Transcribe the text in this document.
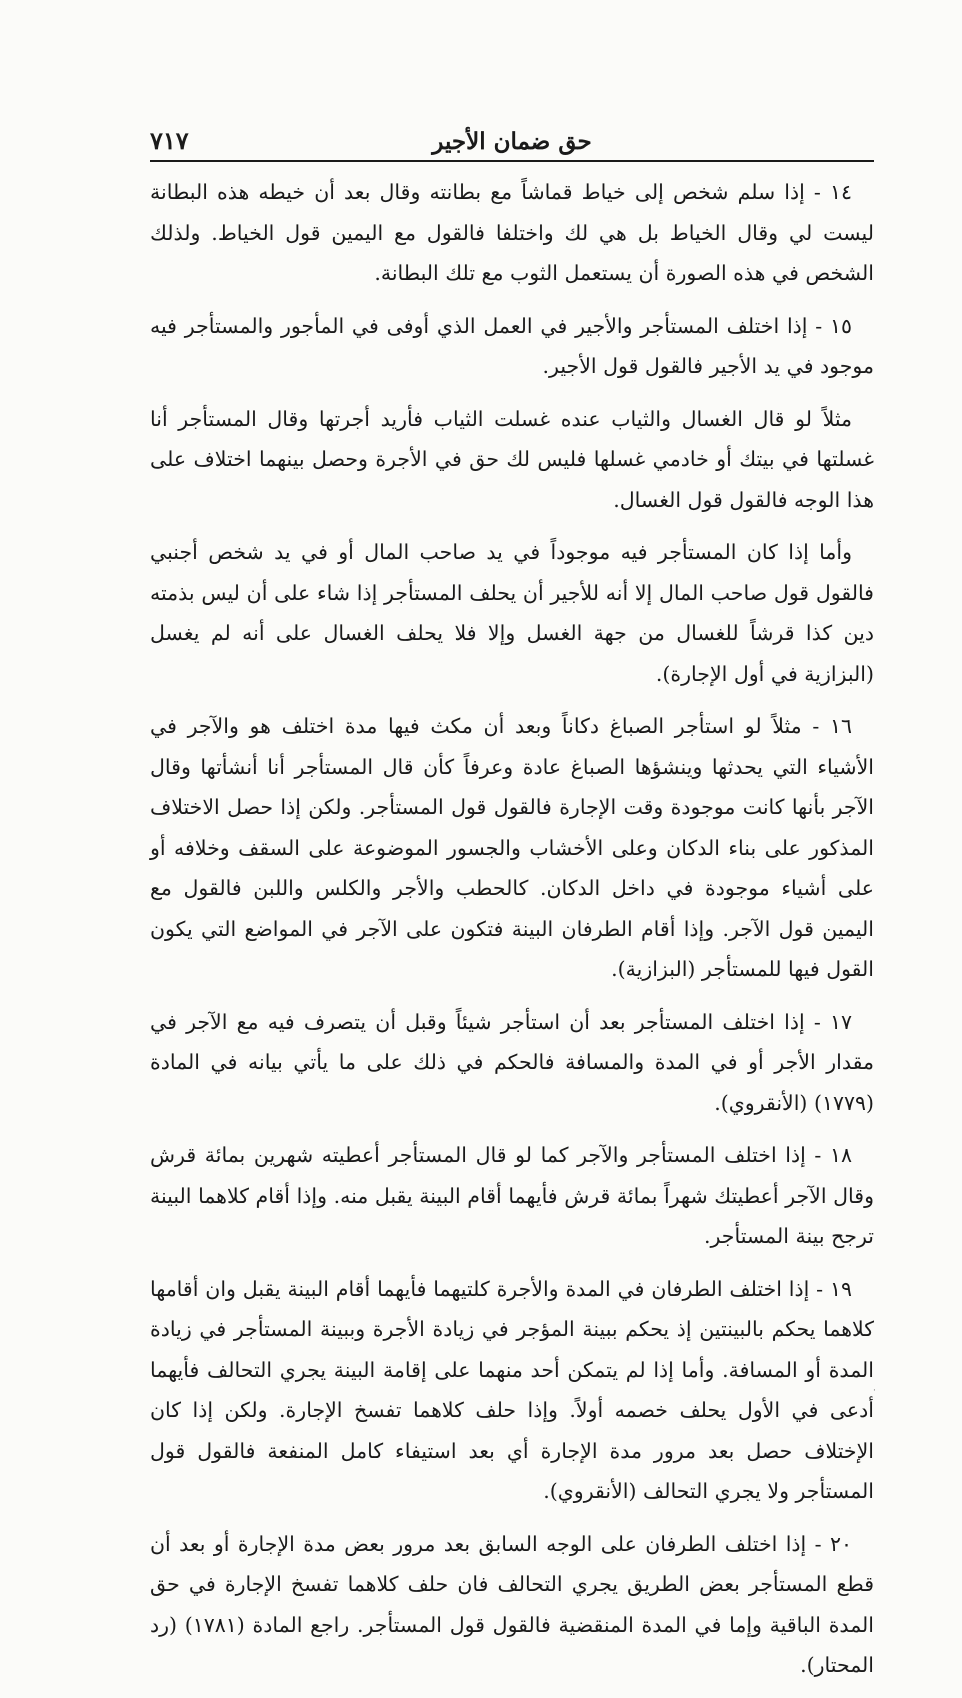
حق ضمان الأجير
٧١٧

١٤ - إذا سلم شخص إلى خياط قماشاً مع بطانته وقال بعد أن خيطه هذه البطانة ليست لي وقال الخياط بل هي لك واختلفا فالقول مع اليمين قول الخياط. ولذلك الشخص في هذه الصورة أن يستعمل الثوب مع تلك البطانة.

١٥ - إذا اختلف المستأجر والأجير في العمل الذي أوفى في المأجور والمستأجر فيه موجود في يد الأجير فالقول قول الأجير.

مثلاً لو قال الغسال والثياب عنده غسلت الثياب فأريد أجرتها وقال المستأجر أنا غسلتها في بيتك أو خادمي غسلها فليس لك حق في الأجرة وحصل بينهما اختلاف على هذا الوجه فالقول قول الغسال.

وأما إذا كان المستأجر فيه موجوداً في يد صاحب المال أو في يد شخص أجنبي فالقول قول صاحب المال إلا أنه للأجير أن يحلف المستأجر إذا شاء على أن ليس بذمته دين كذا قرشاً للغسال من جهة الغسل وإلا فلا يحلف الغسال على أنه لم يغسل (البزازية في أول الإجارة).

١٦ - مثلاً لو استأجر الصباغ دكاناً وبعد أن مكث فيها مدة اختلف هو والآجر في الأشياء التي يحدثها وينشؤها الصباغ عادة وعرفاً كأن قال المستأجر أنا أنشأتها وقال الآجر بأنها كانت موجودة وقت الإجارة فالقول قول المستأجر. ولكن إذا حصل الاختلاف المذكور على بناء الدكان وعلى الأخشاب والجسور الموضوعة على السقف وخلافه أو على أشياء موجودة في داخل الدكان. كالحطب والأجر والكلس واللبن فالقول مع اليمين قول الآجر. وإذا أقام الطرفان البينة فتكون على الآجر في المواضع التي يكون القول فيها للمستأجر (البزازية).

١٧ - إذا اختلف المستأجر بعد أن استأجر شيئاً وقبل أن يتصرف فيه مع الآجر في مقدار الأجر أو في المدة والمسافة فالحكم في ذلك على ما يأتي بيانه في المادة (١٧٧٩) (الأنقروي).

١٨ - إذا اختلف المستأجر والآجر كما لو قال المستأجر أعطيته شهرين بمائة قرش وقال الآجر أعطيتك شهراً بمائة قرش فأيهما أقام البينة يقبل منه. وإذا أقام كلاهما البينة ترجح بينة المستأجر.

١٩ - إذا اختلف الطرفان في المدة والأجرة كلتيهما فأيهما أقام البينة يقبل وان أقامها كلاهما يحكم بالبينتين إذ يحكم ببينة المؤجر في زيادة الأجرة وببينة المستأجر في زيادة المدة أو المسافة. وأما إذا لم يتمكن أحد منهما على إقامة البينة يجري التحالف فأيهما أدعى في الأول يحلف خصمه أولاً. وإذا حلف كلاهما تفسخ الإجارة. ولكن إذا كان الإختلاف حصل بعد مرور مدة الإجارة أي بعد استيفاء كامل المنفعة فالقول قول المستأجر ولا يجري التحالف (الأنقروي).

٢٠ - إذا اختلف الطرفان على الوجه السابق بعد مرور بعض مدة الإجارة أو بعد أن قطع المستأجر بعض الطريق يجري التحالف فان حلف كلاهما تفسخ الإجارة في حق المدة الباقية وإما في المدة المنقضية فالقول قول المستأجر. راجع المادة (١٧٨١) (رد المحتار).

·
